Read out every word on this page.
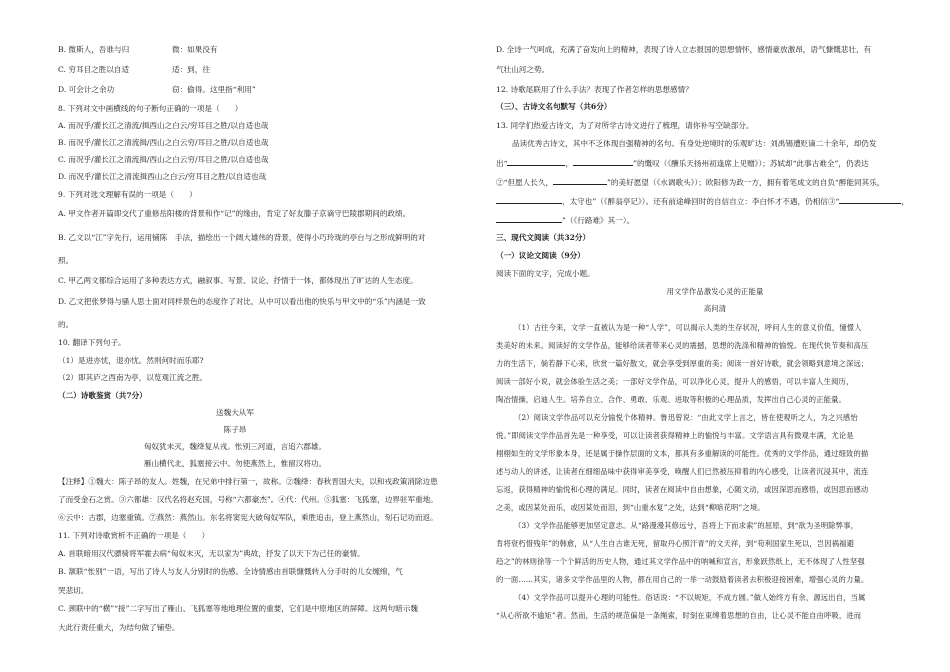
B. 微斯人，吾谁与归	微：如果没有

C. 穷耳目之胜以自适	适：到，往

D. 可会计之余功	窃：偷得。这里指“利用”

8. 下列对文中画横线的句子断句正确的一项是（　　）

A. 而况乎/灌长江之清流/揖西山之白云/穷耳目之胜/以自适也哉

B. 而况乎/灌长江之清流揖/西山之白云穷/耳目之胜/以自适也哉

C. 而况乎/灌长江之清流揖/西山之白云穷/耳目之胜/以自适也哉

D. 而况乎/灌长江之清流揖西山之白云/穷耳目之胜/以自适也哉

9. 下列对选文理解有误的一项是（　　）

A. 甲文作者开篇即交代了重修岳阳楼的背景和作“记”的缘由，肯定了好友滕子京谪守巴陵郡期间的政绩。

B. 乙文以“江”字先行，运用铺陈　手法，描绘出一个阔大雄伟的背景，使得小巧玲珑的亭台与之形成鲜明的对

照。

C. 甲乙两文都综合运用了多种表达方式，融叙事、写景、议论、抒情于一体，都体现出了旷达的人生态度。

D. 乙文把张梦得与骚人思士面对同样景色的态度作了对比，从中可以看出他的快乐与甲文中的“乐”内涵是一致

的。

10. 翻译下列句子。

（1）是进亦忧，退亦忧。然则何时而乐耶?

（2）即其庐之西南为亭，以览观江流之胜。

（二）诗歌鉴赏（共7分）

送魏大从军

陈子昂

匈奴犹未灭，魏绛复从戎。怅别三河道，言追六郡雄。

雁山横代北，狐塞接云中。勿使燕然上，惟留汉将功。

【注释】①魏大：陈子昂的友人。姓魏，在兄弟中排行第一，故称。②魏绛：春秋晋国大夫，以和戎政策消除边患

了而受金石之赏。③六都雄：汉代名将赵充国，号称“六都豪杰”。④代：代州。⑤狐塞：飞狐塞，边界驻军重地。

⑥云中：古郡，边塞重镇。⑦燕然：燕然山。东名将窦宪大破匈奴军队，乘胜追击，登上燕然山，刻石记功而返。

11. 下列对诗歌赏析不正确的一项是（　　）

A. 首联暗用汉代骠骑将军霍去病“匈奴未灭，无以家为”典故，抒发了以天下为己任的豪情。

B. 颔联“怅别”一语，写出了诗人与友人分别时的伤感。全诗情感由首联慷慨转入分手时的儿女缠绵，气

哭悲切。

C. 颈联中的“横”“接”二字写出了雁山、飞狐塞等地地理位置的重要，它们是中原地区的屏障。这两句暗示魏

大此行责任重大，为结句做了铺垫。

D. 全诗一气呵成，充满了奋发向上的精神，表现了诗人立志报国的思想情怀，感情豪放激昂，语气慷慨悲壮，有

气壮山河之势。

12. 诗歌尾联用了什么手法？表现了作者怎样的思想感情？

（三）、古诗文名句默写（共6分）

13. 同学们热爱古诗文，为了对所学古诗文进行了梳理，请你补写空缺部分。

品读优秀古诗文，其中不乏体现自强精神的名句。有身处逆境时的乐观旷达：刘禹锡遭贬谪二十余年，却仍发

出“	，	”的慨叹（《酬乐天扬州初逢席上见赠》）；苏轼却“此事古难全”，仍表达

②“但愿人长久，	”的美好愿望（《水调歌头》）；欧阳修为政一方，拥有着笔成文的自负“醉能同其乐，

，太守也”（《醉翁亭记》）。还有前途峰回时的自信自立：李白怀才不遇，仍相信③“	，

”（《行路难》其一）。

三、现代文阅读（共32分）

（一）议论文阅读（9分）

阅读下面的文字，完成小题。

用文学作品激发心灵的正能量

高问清

（1）古往今来，文学一直被认为是一种“人学”，可以揭示人类的生存状况，呼问人生的意义价值，憧憬人

类美好的未来。阅读好的文学作品，能够给读者带来心灵的震撼，思想的洗涤和精神的愉悦。在现代快节奏和高压

力的生活下，倘若静下心来，欣赏一篇好散文，就会享受到厚重的美；阅读一首好诗歌，就会领略到意境之深远；

阅读一部好小说，就会体验生活之美；一部好文学作品，可以净化心灵，提升人的感悟，可以丰富人生阅历，

陶冶情操，启迪人生。培养自立、合作、勇敢、乐观、进取等积极的心理品质，发挥出自己心灵的正能量。

（2）阅读文学作品可以充分愉悦个体精神。鲁迅曾说：“由此文学上言之，皆在使观听之人，为之兴感怡

悦。”即阅读文学作品首先是一种享受，可以让读者获得精神上的愉悦与丰富。文学语言具有微观丰满，尤论是

栩栩如生的文学形象本身，还是属于操作层面的文本，都具有多重解读的可能性。优秀的文学作品，通过细致的描

述与动人的讲述，让读者在细细品味中获得审美享受，唤醒人们已然被压抑着的内心感受，让读者沉浸其中，流连

忘返，获得精神的愉悦和心理的满足。同时，读者在阅读中自由想象，心随文动，或因深思而感悟，或因思而感动

之美，或因某处而乐，或因某处而泪，到“山重水复”之处，达到“柳暗花明”之境。

（3）文学作品能够更加坚定意志。从“路漫漫其修远兮，吾将上下而求索”的屈原，到“欲为圣明除弊事，

肯将衰朽惜残年”的韩愈，从“人生自古谁无死，留取丹心照汗青”的文天祥，到“苟利国家生死以，岂因祸福避

趋之”的林则徐等一个个鲜活的历史人物，通过其文学作品中的呐喊和宣言，形象跃然纸上，无不体现了人性坚强

的一面……其实，诸多文学作品里的人物，都在用自己的一举一动鼓励着读者去积极迎接困难，增强心灵的力量。

（4）文学作品可以提升心理的可能性。俗话说：“不以规矩，不成方圆。”做人始终方有余，源远出自，当属

“从心所欲不逾矩”者。然而，生活的规范偏是一条绳索，时刻在束缚着思想的自由，让心灵不能自由呼吸，进而
